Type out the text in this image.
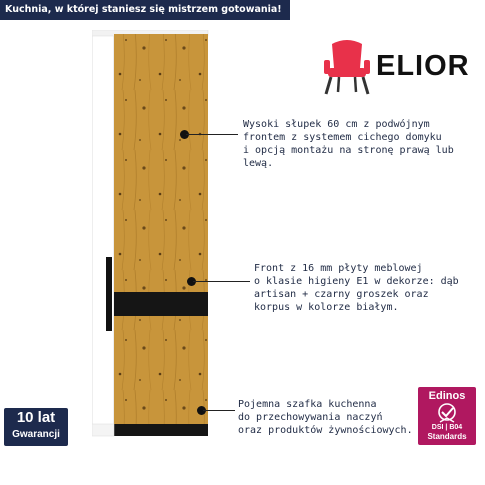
Kuchnia, w której staniesz się mistrzem gotowania!
ELIOR
Wysoki słupek 60 cm z podwójnym
frontem z systemem cichego domyku
i opcją montażu na stronę prawą lub
lewą.
Front z 16 mm płyty meblowej
o klasie higieny E1 w dekorze: dąb
artisan + czarny groszek oraz
korpus w kolorze białym.
Pojemna szafka kuchenna
do przechowywania naczyń
oraz produktów żywnościowych.
10 lat
Gwarancji
Edinos
DSI | B04
Standards
